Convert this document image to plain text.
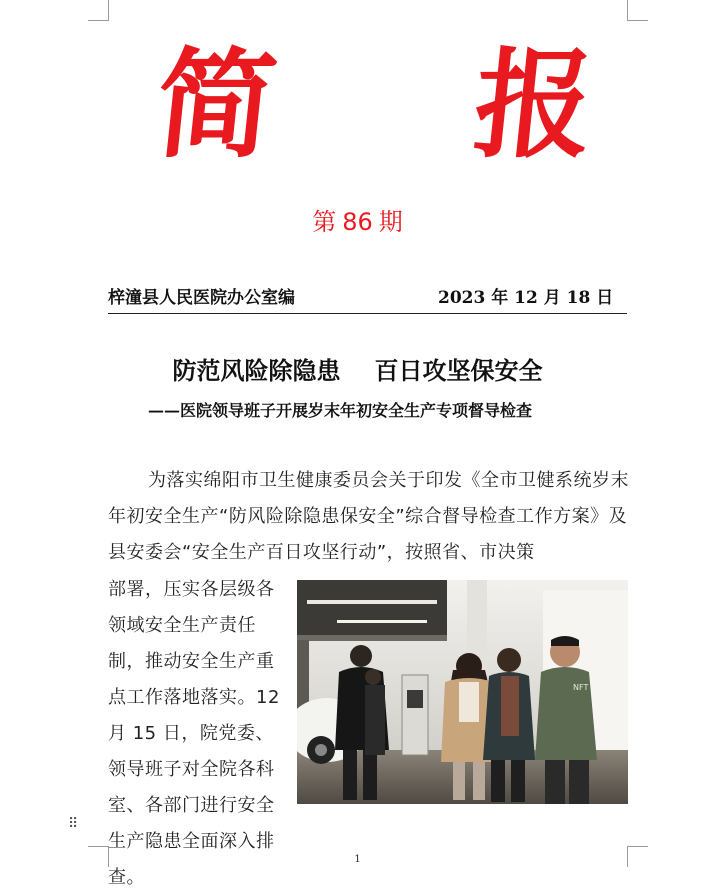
简 报
第 86 期
梓潼县人民医院办公室编	2023 年 12 月 18 日
防范风险除隐患 百日攻坚保安全
——医院领导班子开展岁末年初安全生产专项督导检查
为落实绵阳市卫生健康委员会关于印发《全市卫健系统岁末年初安全生产“防风险除隐患保安全”综合督导检查工作方案》及县安委会“安全生产百日攻坚行动”，按照省、市决策
部署，压实各层级各领域安全生产责任制，推动安全生产重点工作落地落实。12 月 15 日，院党委、领导班子对全院各科室、各部门进行安全生产隐患全面深入排查。
NFT
⠿
1
